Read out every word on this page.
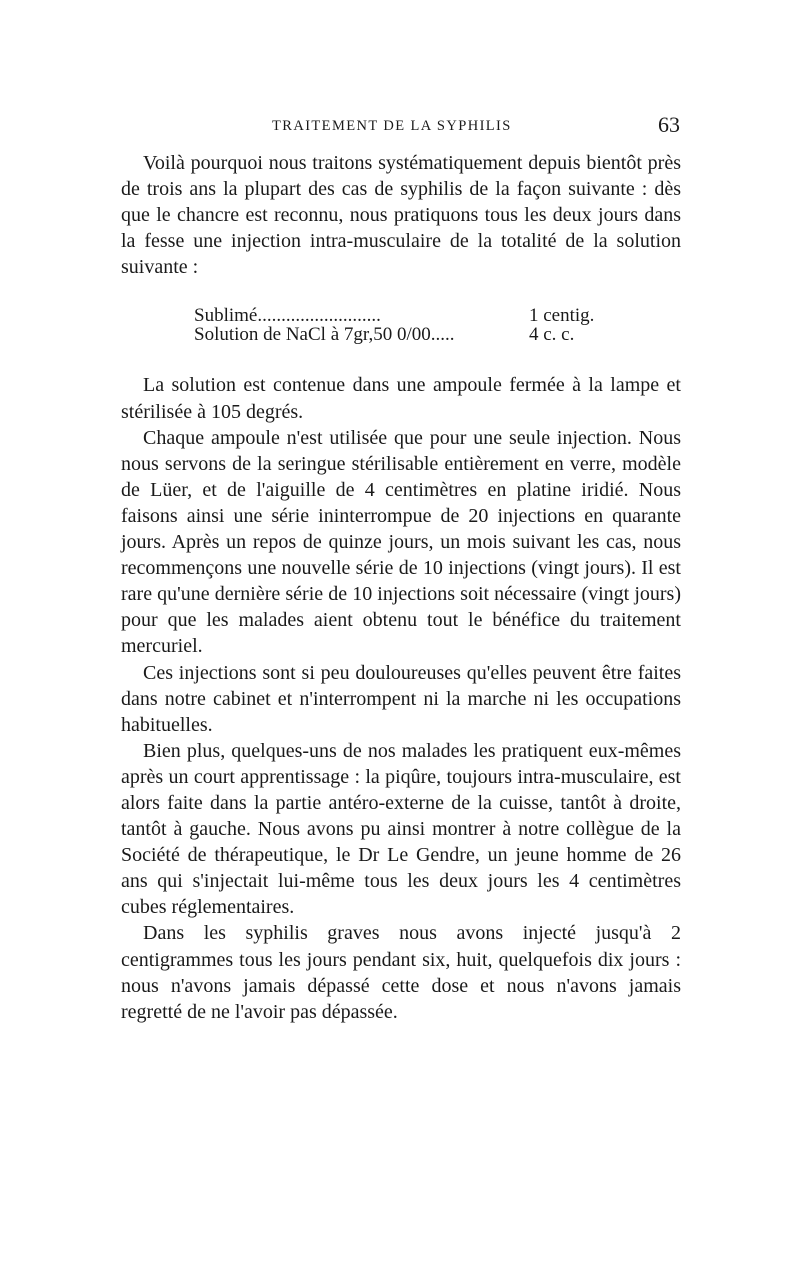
TRAITEMENT DE LA SYPHILIS	63

Voilà pourquoi nous traitons systématiquement depuis bientôt près de trois ans la plupart des cas de syphilis de la façon suivante : dès que le chancre est reconnu, nous pratiquons tous les deux jours dans la fesse une injection intra-musculaire de la totalité de la solution suivante :

Sublimé..........................	1 centig.
Solution de NaCl à 7gr,50 0/00.....	4 c. c.

La solution est contenue dans une ampoule fermée à la lampe et stérilisée à 105 degrés.

Chaque ampoule n'est utilisée que pour une seule injection. Nous nous servons de la seringue stérilisable entièrement en verre, modèle de Lüer, et de l'aiguille de 4 centimètres en platine iridié. Nous faisons ainsi une série ininterrompue de 20 injections en quarante jours. Après un repos de quinze jours, un mois suivant les cas, nous recommençons une nouvelle série de 10 injections (vingt jours). Il est rare qu'une dernière série de 10 injections soit nécessaire (vingt jours) pour que les malades aient obtenu tout le bénéfice du traitement mercuriel.

Ces injections sont si peu douloureuses qu'elles peuvent être faites dans notre cabinet et n'interrompent ni la marche ni les occupations habituelles.

Bien plus, quelques-uns de nos malades les pratiquent eux-mêmes après un court apprentissage : la piqûre, toujours intra-musculaire, est alors faite dans la partie antéro-externe de la cuisse, tantôt à droite, tantôt à gauche. Nous avons pu ainsi montrer à notre collègue de la Société de thérapeutique, le Dr Le Gendre, un jeune homme de 26 ans qui s'injectait lui-même tous les deux jours les 4 centimètres cubes réglementaires.

Dans les syphilis graves nous avons injecté jusqu'à 2 centigrammes tous les jours pendant six, huit, quelquefois dix jours : nous n'avons jamais dépassé cette dose et nous n'avons jamais regretté de ne l'avoir pas dépassée.
